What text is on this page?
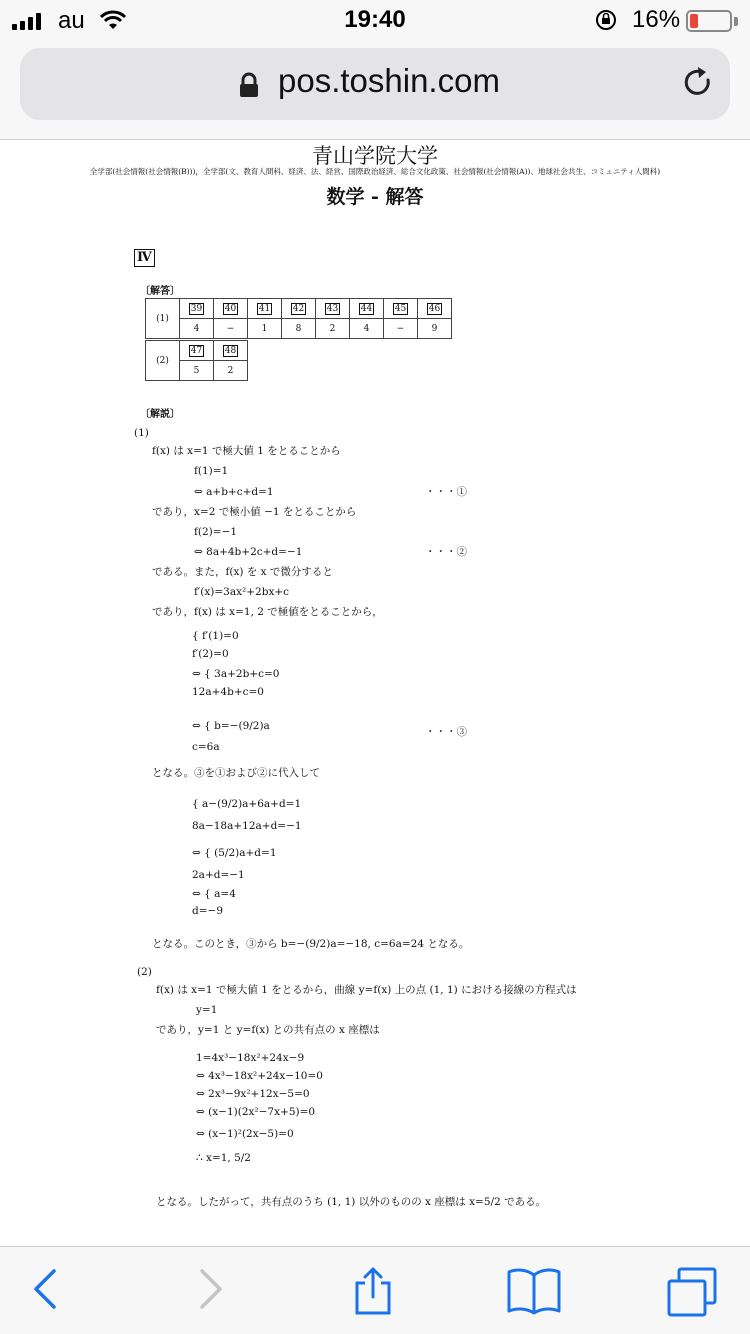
au	19:40	16%
pos.toshin.com
青山学院大学
全学部(社会情報(社会情報(B)))，全学部(文、教育人間科、経済、法、経営、国際政治経済、総合文化政策、社会情報(社会情報(A))、地球社会共生、コミュニティ人間科)
数学 - 解答
Ⅳ
〔解答〕
(1)	39	40	41	42	43	44	45	46
	4	−	1	8	2	4	−	9
(2)	47	48
	5	2
〔解説〕
(1)
f(x) は x=1 で極大値 1 をとることから
f(1)=1
⇔ a+b+c+d=1	・・・①
であり，x=2 で極小値 −1 をとることから
f(2)=−1
⇔ 8a+4b+2c+d=−1	・・・②
である。また，f(x) を x で微分すると
f′(x)=3ax²+2bx+c
であり，f(x) は x=1, 2 で極値をとることから，
{ f′(1)=0
f′(2)=0
⇔ { 3a+2b+c=0
12a+4b+c=0
⇔ { b=−(9/2)a	・・・③
c=6a
となる。③を①および②に代入して
{ a−(9/2)a+6a+d=1
8a−18a+12a+d=−1
⇔ { (5/2)a+d=1
2a+d=−1
⇔ { a=4
d=−9
となる。このとき，③から b=−(9/2)a=−18, c=6a=24 となる。
(2)
f(x) は x=1 で極大値 1 をとるから，曲線 y=f(x) 上の点 (1, 1) における接線の方程式は
y=1
であり，y=1 と y=f(x) との共有点の x 座標は
1=4x³−18x²+24x−9
⇔ 4x³−18x²+24x−10=0
⇔ 2x³−9x²+12x−5=0
⇔ (x−1)(2x²−7x+5)=0
⇔ (x−1)²(2x−5)=0
∴ x=1, 5/2
となる。したがって，共有点のうち (1, 1) 以外のものの x 座標は x=5/2 である。
